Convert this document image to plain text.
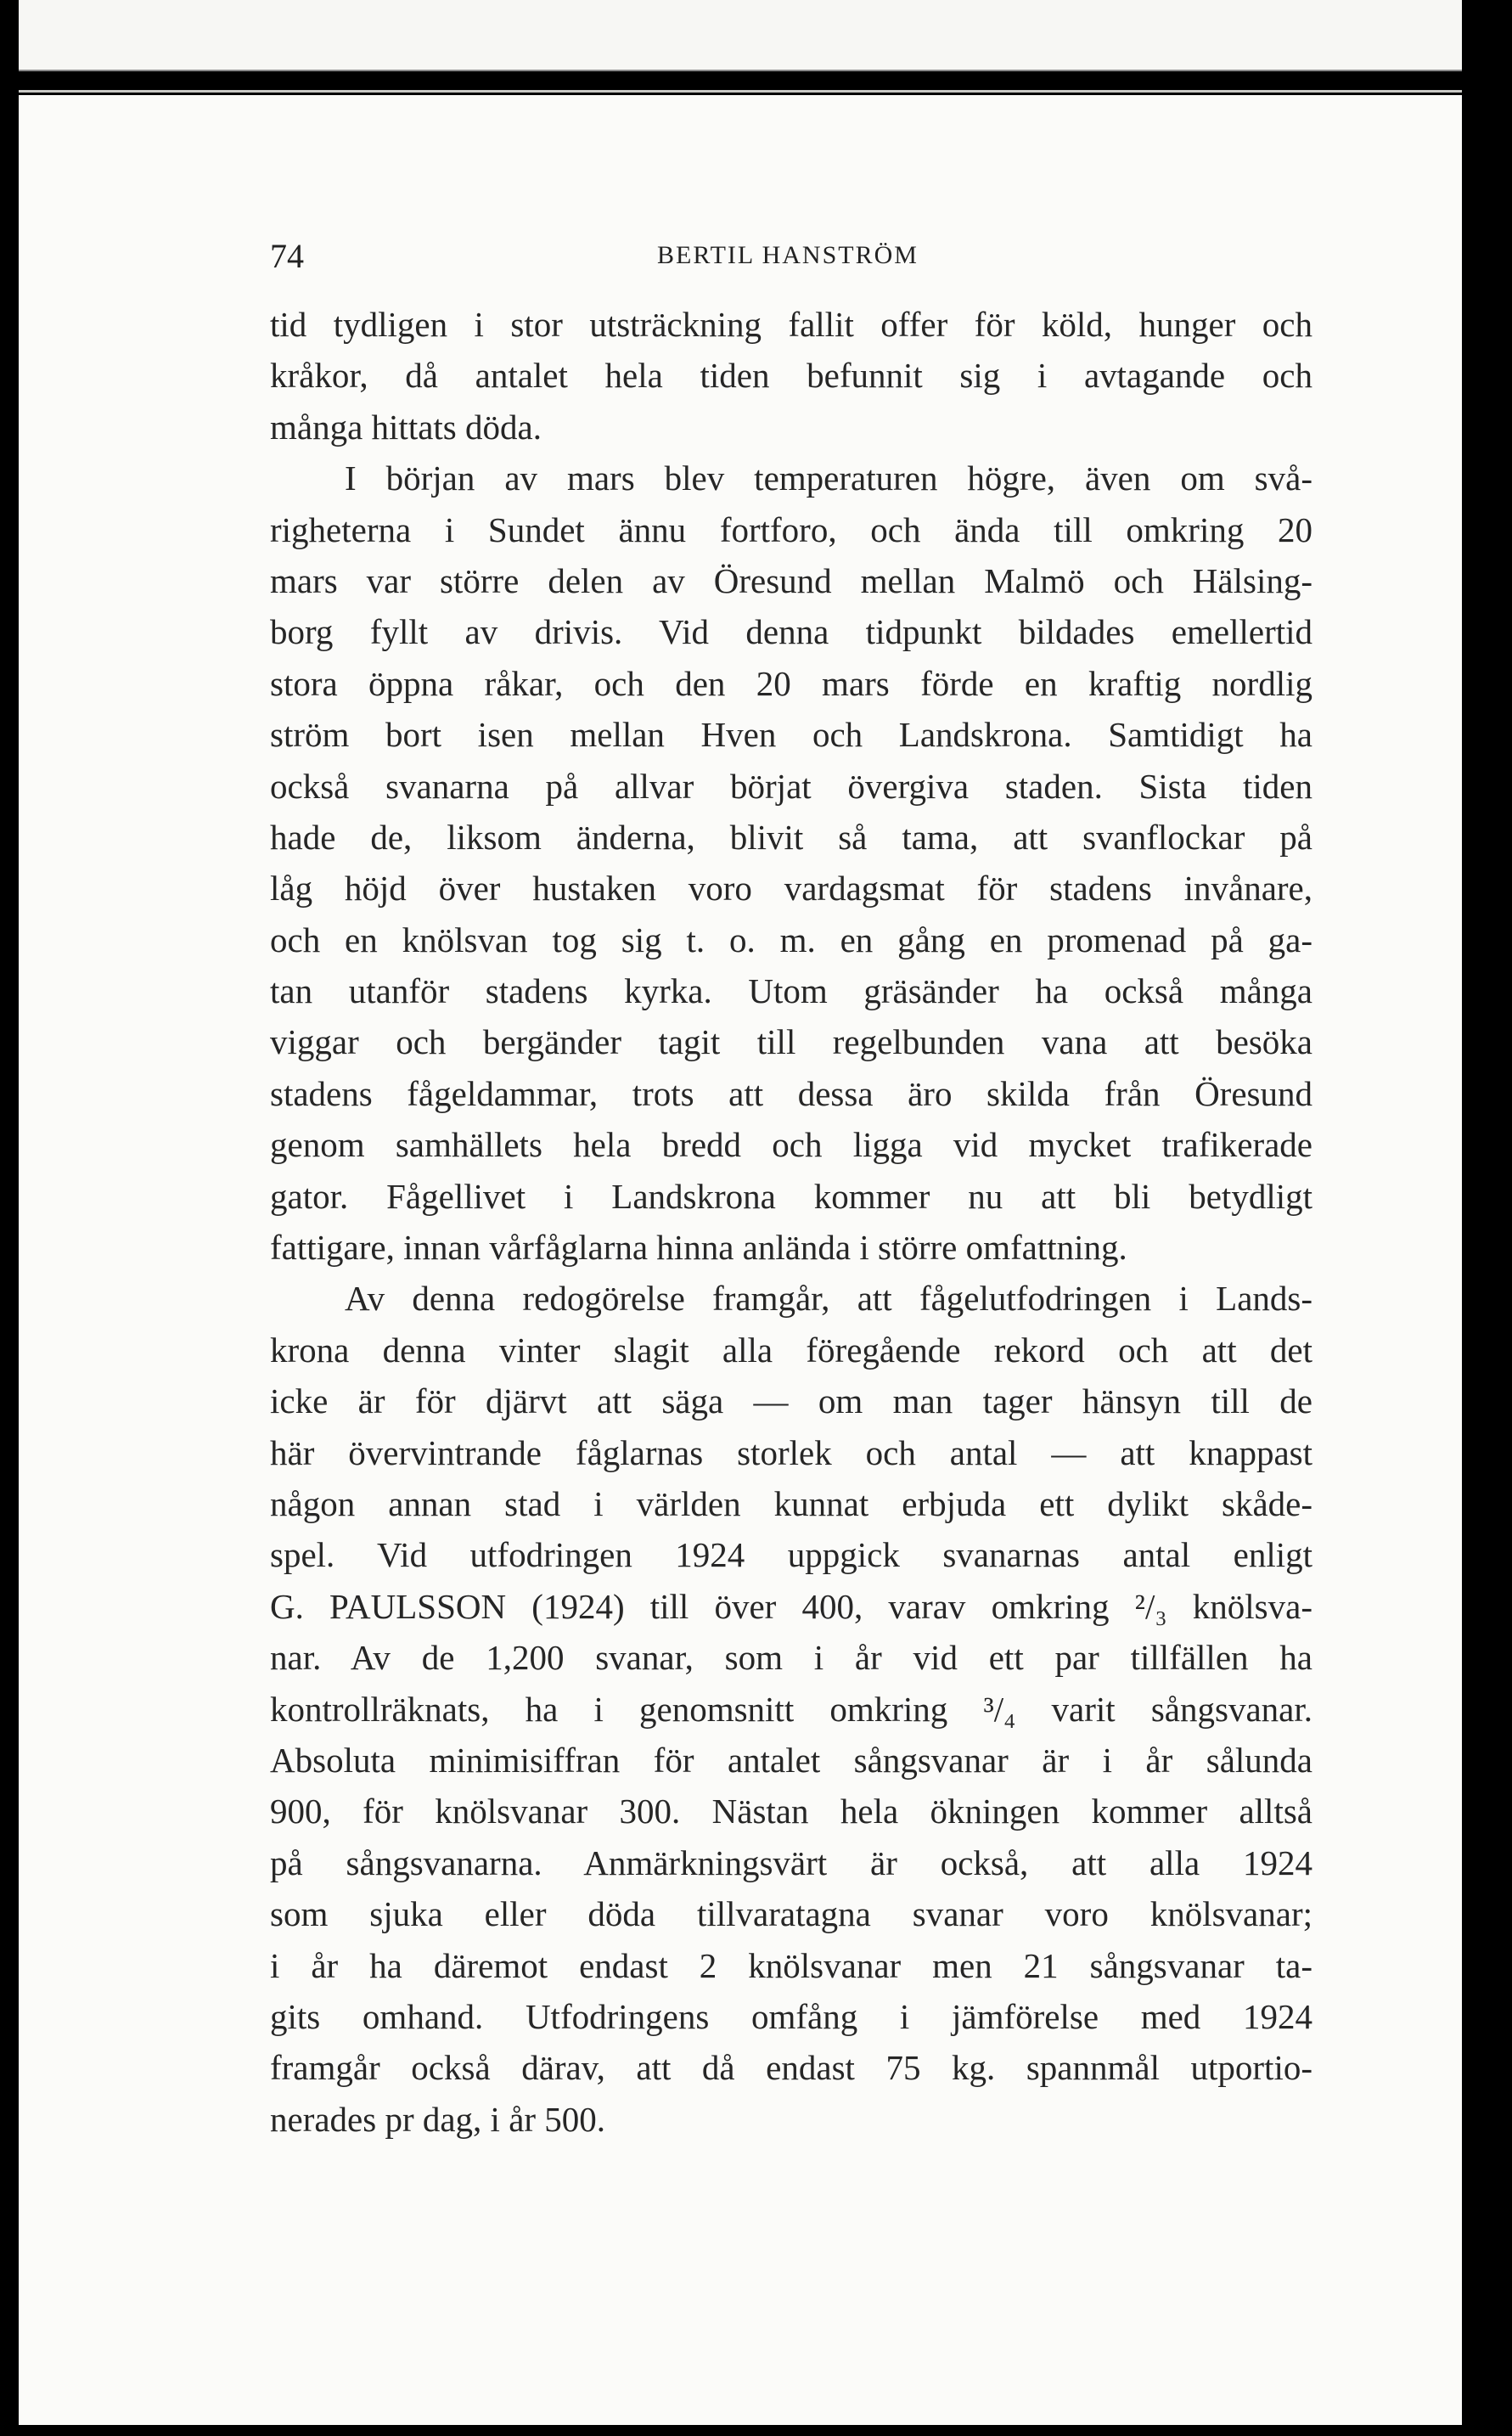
74	BERTIL HANSTRÖM
tid tydligen i stor utsträckning fallit offer för köld, hunger och
kråkor, då antalet hela tiden befunnit sig i avtagande och
många hittats döda.
I början av mars blev temperaturen högre, även om svå-
righeterna i Sundet ännu fortforo, och ända till omkring 20
mars var större delen av Öresund mellan Malmö och Hälsing-
borg fyllt av drivis. Vid denna tidpunkt bildades emellertid
stora öppna råkar, och den 20 mars förde en kraftig nordlig
ström bort isen mellan Hven och Landskrona. Samtidigt ha
också svanarna på allvar börjat övergiva staden. Sista tiden
hade de, liksom änderna, blivit så tama, att svanflockar på
låg höjd över hustaken voro vardagsmat för stadens invånare,
och en knölsvan tog sig t. o. m. en gång en promenad på ga-
tan utanför stadens kyrka. Utom gräsänder ha också många
viggar och bergänder tagit till regelbunden vana att besöka
stadens fågeldammar, trots att dessa äro skilda från Öresund
genom samhällets hela bredd och ligga vid mycket trafikerade
gator. Fågellivet i Landskrona kommer nu att bli betydligt
fattigare, innan vårfåglarna hinna anlända i större omfattning.
Av denna redogörelse framgår, att fågelutfodringen i Lands-
krona denna vinter slagit alla föregående rekord och att det
icke är för djärvt att säga — om man tager hänsyn till de
här övervintrande fåglarnas storlek och antal — att knappast
någon annan stad i världen kunnat erbjuda ett dylikt skåde-
spel. Vid utfodringen 1924 uppgick svanarnas antal enligt
G. PAULSSON (1924) till över 400, varav omkring ²/₃ knölsva-
nar. Av de 1,200 svanar, som i år vid ett par tillfällen ha
kontrollräknats, ha i genomsnitt omkring ³/₄ varit sångsvanar.
Absoluta minimisiffran för antalet sångsvanar är i år sålunda
900, för knölsvanar 300. Nästan hela ökningen kommer alltså
på sångsvanarna. Anmärkningsvärt är också, att alla 1924
som sjuka eller döda tillvaratagna svanar voro knölsvanar;
i år ha däremot endast 2 knölsvanar men 21 sångsvanar ta-
gits omhand. Utfodringens omfång i jämförelse med 1924
framgår också därav, att då endast 75 kg. spannmål utportio-
nerades pr dag, i år 500.
